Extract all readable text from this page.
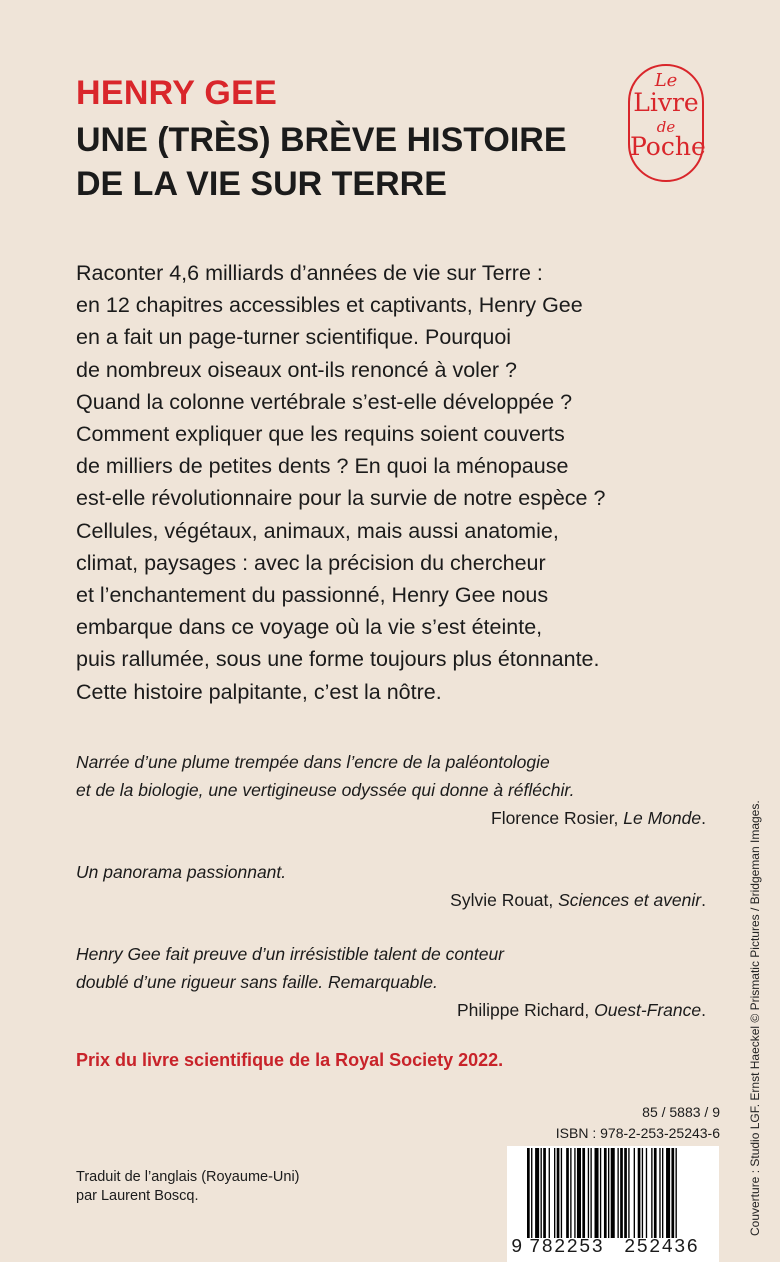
HENRY GEE
UNE (TRÈS) BRÈVE HISTOIRE
DE LA VIE SUR TERRE
Le
Livre
de
Poche
Raconter 4,6 milliards d’années de vie sur Terre :
en 12 chapitres accessibles et captivants, Henry Gee
en a fait un page-turner scientifique. Pourquoi
de nombreux oiseaux ont-ils renoncé à voler ?
Quand la colonne vertébrale s’est-elle développée ?
Comment expliquer que les requins soient couverts
de milliers de petites dents ? En quoi la ménopause
est-elle révolutionnaire pour la survie de notre espèce ?
Cellules, végétaux, animaux, mais aussi anatomie,
climat, paysages : avec la précision du chercheur
et l’enchantement du passionné, Henry Gee nous
embarque dans ce voyage où la vie s’est éteinte,
puis rallumée, sous une forme toujours plus étonnante.
Cette histoire palpitante, c’est la nôtre.
Narrée d’une plume trempée dans l’encre de la paléontologie
et de la biologie, une vertigineuse odyssée qui donne à réfléchir.
Florence Rosier, Le Monde.
Un panorama passionnant.
Sylvie Rouat, Sciences et avenir.
Henry Gee fait preuve d’un irrésistible talent de conteur
doublé d’une rigueur sans faille. Remarquable.
Philippe Richard, Ouest-France.
Prix du livre scientifique de la Royal Society 2022.
85 / 5883 / 9
ISBN : 978-2-253-25243-6
Traduit de l’anglais (Royaume-Uni)
par Laurent Boscq.
9 782253 252436
Couverture : Studio LGF. Ernst Haeckel © Prismatic Pictures / Bridgeman Images.
